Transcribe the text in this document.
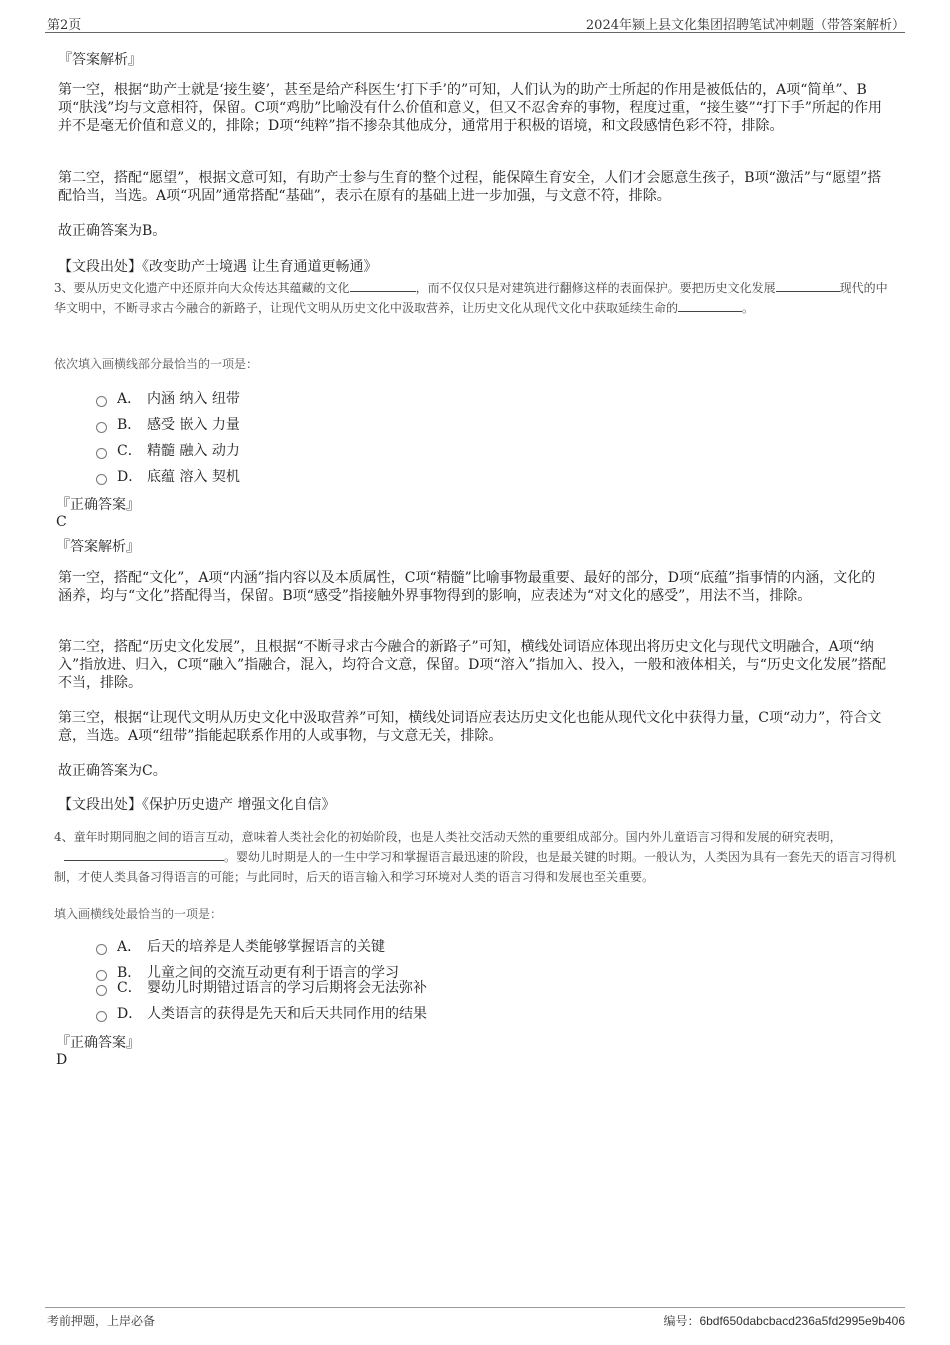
第2页	2024年颍上县文化集团招聘笔试冲刺题（带答案解析）
『答案解析』

第一空，根据“助产士就是‘接生婆’，甚至是给产科医生‘打下手’的”可知，人们认为的助产士所起的作用是被低估的，A项“简单”、B项“肤浅”均与文意相符，保留。C项“鸡肋”比喻没有什么价值和意义，但又不忍舍弃的事物，程度过重，“接生婆”“打下手”所起的作用并不是毫无价值和意义的，排除；D项“纯粹”指不掺杂其他成分，通常用于积极的语境，和文段感情色彩不符，排除。

第二空，搭配“愿望”，根据文意可知，有助产士参与生育的整个过程，能保障生育安全，人们才会愿意生孩子，B项“激活”与“愿望”搭配恰当，当选。A项“巩固”通常搭配“基础”，表示在原有的基础上进一步加强，与文意不符，排除。

故正确答案为B。
【文段出处】《改变助产士境遇 让生育通道更畅通》

3、要从历史文化遗产中还原并向大众传达其蕴藏的文化	，而不仅仅只是对建筑进行翻修这样的表面保护。要把历史文化发展	现代的中华文明中，不断寻求古今融合的新路子，让现代文明从历史文化中汲取营养，让历史文化从现代文化中获取延续生命的	。

依次填入画横线部分最恰当的一项是：
A． 内涵 纳入 纽带
B． 感受 嵌入 力量
C． 精髓 融入 动力
D． 底蕴 溶入 契机
『正确答案』
C
『答案解析』

第一空，搭配“文化”，A项“内涵”指内容以及本质属性，C项“精髓”比喻事物最重要、最好的部分，D项“底蕴”指事情的内涵，文化的涵养，均与“文化”搭配得当，保留。B项“感受”指接触外界事物得到的影响，应表述为“对文化的感受”，用法不当，排除。

第二空，搭配“历史文化发展”，且根据“不断寻求古今融合的新路子”可知，横线处词语应体现出将历史文化与现代文明融合，A项“纳入”指放进、归入，C项“融入”指融合，混入，均符合文意，保留。D项“溶入”指加入、投入，一般和液体相关，与“历史文化发展”搭配不当，排除。

第三空，根据“让现代文明从历史文化中汲取营养”可知，横线处词语应表达历史文化也能从现代文化中获得力量，C项“动力”，符合文意，当选。A项“纽带”指能起联系作用的人或事物，与文意无关，排除。

故正确答案为C。
【文段出处】《保护历史遗产 增强文化自信》

4、童年时期同胞之间的语言互动，意味着人类社会化的初始阶段，也是人类社交活动天然的重要组成部分。国内外儿童语言习得和发展的研究表明，。婴幼儿时期是人的一生中学习和掌握语言最迅速的阶段，也是最关键的时期。一般认为，人类因为具有一套先天的语言习得机制，才使人类具备习得语言的可能；与此同时，后天的语言输入和学习环境对人类的语言习得和发展也至关重要。

填入画横线处最恰当的一项是：
A． 后天的培养是人类能够掌握语言的关键
B． 儿童之间的交流互动更有利于语言的学习
C． 婴幼儿时期错过语言的学习后期将会无法弥补
D． 人类语言的获得是先天和后天共同作用的结果
『正确答案』
D
考前押题，上岸必备	编号：6bdf650dabcbacd236a5fd2995e9b406
